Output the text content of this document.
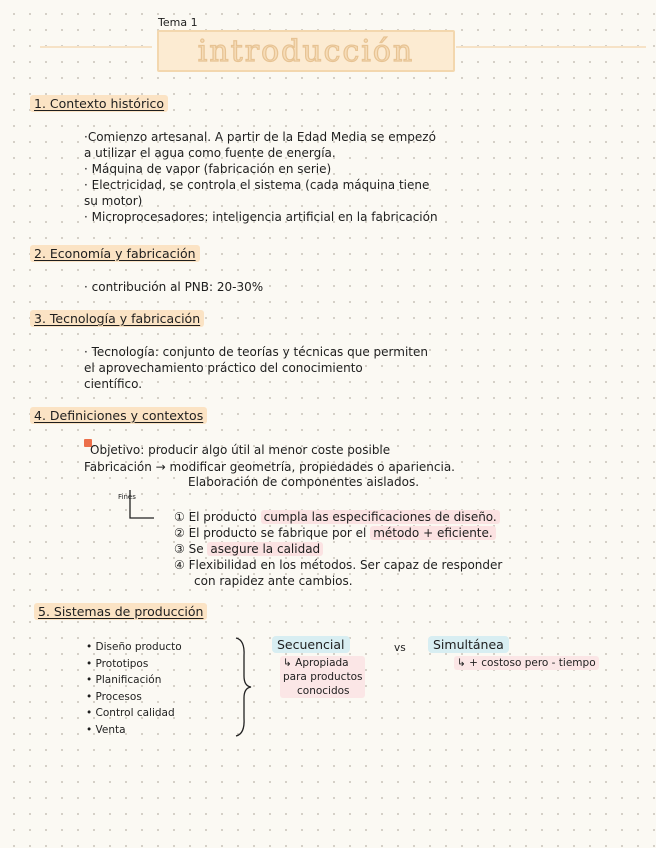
Tema 1
introducción
1. Contexto histórico
·Comienzo artesanal. A partir de la Edad Media se empezó
a utilizar el agua como fuente de energía.
· Máquina de vapor (fabricación en serie)
· Electricidad, se controla el sistema (cada máquina tiene
su motor)
· Microprocesadores: inteligencia artificial en la fabricación
2. Economía y fabricación
· contribución al PNB: 20-30%
3. Tecnología y fabricación
· Tecnología: conjunto de teorías y técnicas que permiten
el aprovechamiento práctico del conocimiento
científico.
4. Definiciones y contextos
Objetivo: producir algo útil al menor coste posible
Fabricación → modificar geometría, propiedades o apariencia.
Elaboración de componentes aislados.
Fines
① El producto cumpla las especificaciones de diseño.
② El producto se fabrique por el método + eficiente.
③ Se asegure la calidad
④ Flexibilidad en los métodos. Ser capaz de responder
con rapidez ante cambios.
5. Sistemas de producción
• Diseño producto
• Prototipos
• Planificación
• Procesos
• Control calidad
• Venta
Secuencial	vs	Simultánea
↳ Apropiada
para productos
conocidos
↳ + costoso pero - tiempo
